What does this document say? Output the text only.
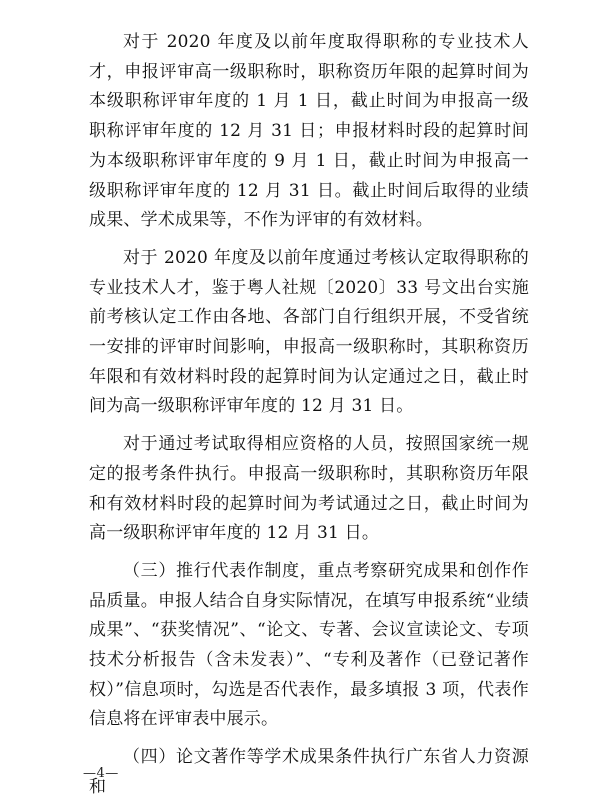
对于 2020 年度及以前年度取得职称的专业技术人才，申报评审高一级职称时，职称资历年限的起算时间为本级职称评审年度的 1 月 1 日，截止时间为申报高一级职称评审年度的 12 月 31 日；申报材料时段的起算时间为本级职称评审年度的 9 月 1 日，截止时间为申报高一级职称评审年度的 12 月 31 日。截止时间后取得的业绩成果、学术成果等，不作为评审的有效材料。

对于 2020 年度及以前年度通过考核认定取得职称的专业技术人才，鉴于粤人社规〔2020〕33 号文出台实施前考核认定工作由各地、各部门自行组织开展，不受省统一安排的评审时间影响，申报高一级职称时，其职称资历年限和有效材料时段的起算时间为认定通过之日，截止时间为高一级职称评审年度的 12 月 31 日。

对于通过考试取得相应资格的人员，按照国家统一规定的报考条件执行。申报高一级职称时，其职称资历年限和有效材料时段的起算时间为考试通过之日，截止时间为高一级职称评审年度的 12 月 31 日。

（三）推行代表作制度，重点考察研究成果和创作作品质量。申报人结合自身实际情况，在填写申报系统“业绩成果”、“获奖情况”、“论文、专著、会议宣读论文、专项技术分析报告（含未发表）”、“专利及著作（已登记著作权）”信息项时，勾选是否代表作，最多填报 3 项，代表作信息将在评审表中展示。

（四）论文著作等学术成果条件执行广东省人力资源和

—4—
